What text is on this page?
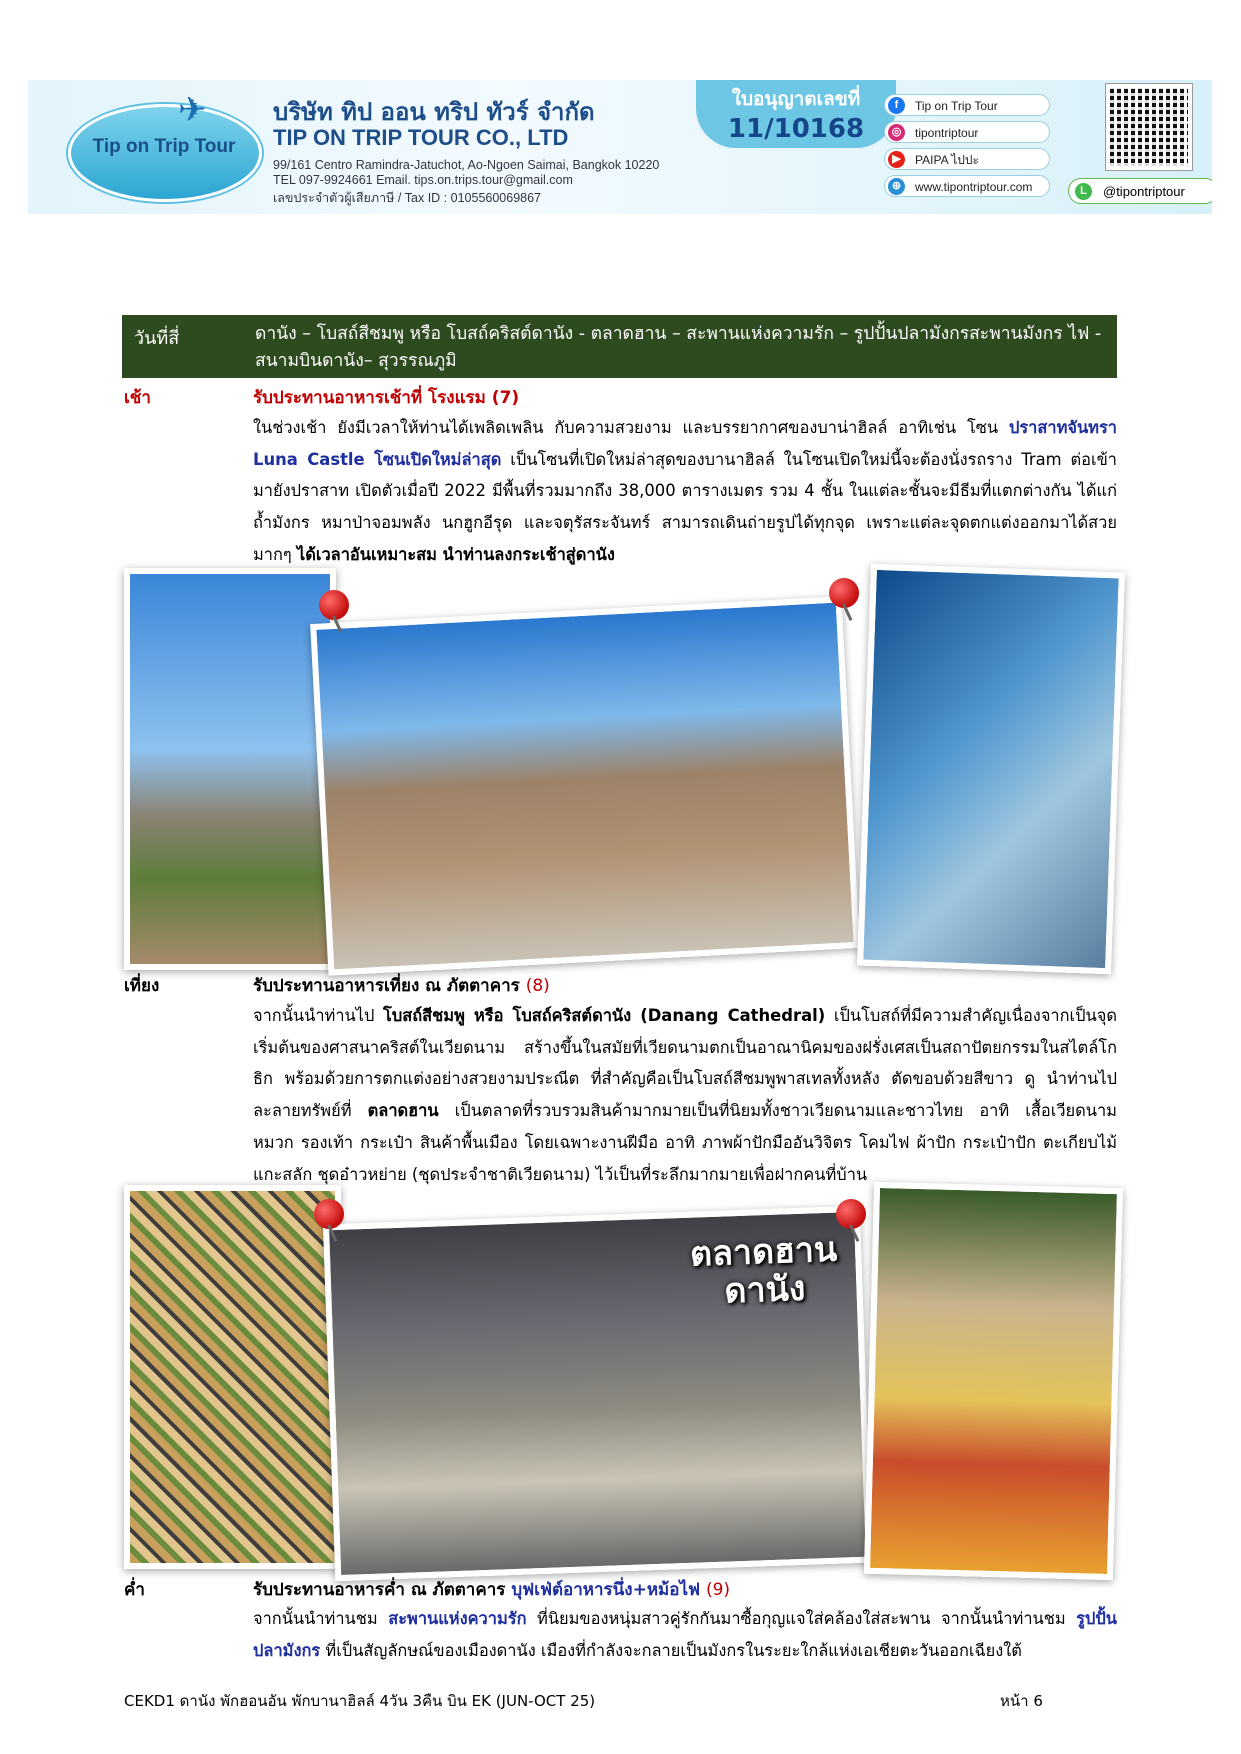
✈
Tip on Trip Tour
บริษัท ทิป ออน ทริป ทัวร์ จำกัด
TIP ON TRIP TOUR CO., LTD
99/161 Centro Ramindra-Jatuchot, Ao-Ngoen Saimai, Bangkok 10220
TEL 097-9924661 Email. tips.on.trips.tour@gmail.com
เลขประจำตัวผู้เสียภาษี / Tax ID : 0105560069867
ใบอนุญาตเลขที่
11/10168
f	Tip on Trip Tour
◎	tipontriptour
▶	PAIPA ไปปะ
⊕	www.tipontriptour.com	L	@tipontriptour
วันที่สี่	ดานัง – โบสถ์สีชมพู หรือ โบสถ์คริสต์ดานัง - ตลาดฮาน – สะพานแห่งความรัก – รูปปั้นปลามังกรสะพานมังกร ไฟ - สนามบินดานัง– สุวรรณภูมิ
เช้า	รับประทานอาหารเช้าที่ โรงแรม (7)
ในช่วงเช้า ยังมีเวลาให้ท่านได้เพลิดเพลิน กับความสวยงาม และบรรยากาศของบาน่าฮิลล์ อาทิเช่น โซน ปราสาทจันทรา Luna Castle โซนเปิดใหม่ล่าสุด เป็นโซนที่เปิดใหม่ล่าสุดของบานาฮิลล์ ในโซนเปิดใหม่นี้จะต้องนั่งรถราง Tram ต่อเข้ามายังปราสาท เปิดตัวเมื่อปี 2022 มีพื้นที่รวมมากถึง 38,000 ตารางเมตร รวม 4 ชั้น ในแต่ละชั้นจะมีธีมที่แตกต่างกัน ได้แก่ ถ้ำมังกร หมาป่าจอมพลัง นกฮูกอีรุด และจตุรัสระจันทร์ สามารถเดินถ่ายรูปได้ทุกจุด เพราะแต่ละจุดตกแต่งออกมาได้สวยมากๆ ได้เวลาอันเหมาะสม นำท่านลงกระเช้าสู่ดานัง
เที่ยง	รับประทานอาหารเที่ยง ณ ภัตตาคาร (8)
จากนั้นนำท่านไป โบสถ์สีชมพู หรือ โบสถ์คริสต์ดานัง (Danang Cathedral) เป็นโบสถ์ที่มีความสำคัญเนื่องจากเป็นจุดเริ่มต้นของศาสนาคริสต์ในเวียดนาม สร้างขึ้นในสมัยที่เวียดนามตกเป็นอาณานิคมของฝรั่งเศสเป็นสถาปัตยกรรมในสไตล์โกธิก พร้อมด้วยการตกแต่งอย่างสวยงามประณีต ที่สำคัญคือเป็นโบสถ์สีชมพูพาสเทลทั้งหลัง ตัดขอบด้วยสีขาว ดู นำท่านไปละลายทรัพย์ที่ ตลาดฮาน เป็นตลาดที่รวบรวมสินค้ามากมายเป็นที่นิยมทั้งชาวเวียดนามและชาวไทย อาทิ เสื้อเวียดนาม หมวก รองเท้า กระเป๋า สินค้าพื้นเมือง โดยเฉพาะงานฝีมือ อาทิ ภาพผ้าปักมืออันวิจิตร โคมไฟ ผ้าปัก กระเป๋าปัก ตะเกียบไม้แกะสลัก ชุดอ๋าวหย่าย (ชุดประจำชาติเวียดนาม) ไว้เป็นที่ระลึกมากมายเพื่อฝากคนที่บ้าน
ตลาดฮาน
ดานัง
ค่ำ	รับประทานอาหารค่ำ ณ ภัตตาคาร บุฟเฟ่ต์อาหารนึ่ง+หม้อไฟ (9)
จากนั้นนำท่านชม สะพานแห่งความรัก ที่นิยมของหนุ่มสาวคู่รักกันมาซื้อกุญแจใส่คล้องใส่สะพาน จากนั้นนำท่านชม รูปปั้นปลามังกร ที่เป็นสัญลักษณ์ของเมืองดานัง เมืองที่กำลังจะกลายเป็นมังกรในระยะใกล้แห่งเอเชียตะวันออกเฉียงใต้
CEKD1 ดานัง พักฮอนอัน พักบานาฮิลล์ 4วัน 3คืน บิน EK (JUN-OCT 25)	หน้า 6
